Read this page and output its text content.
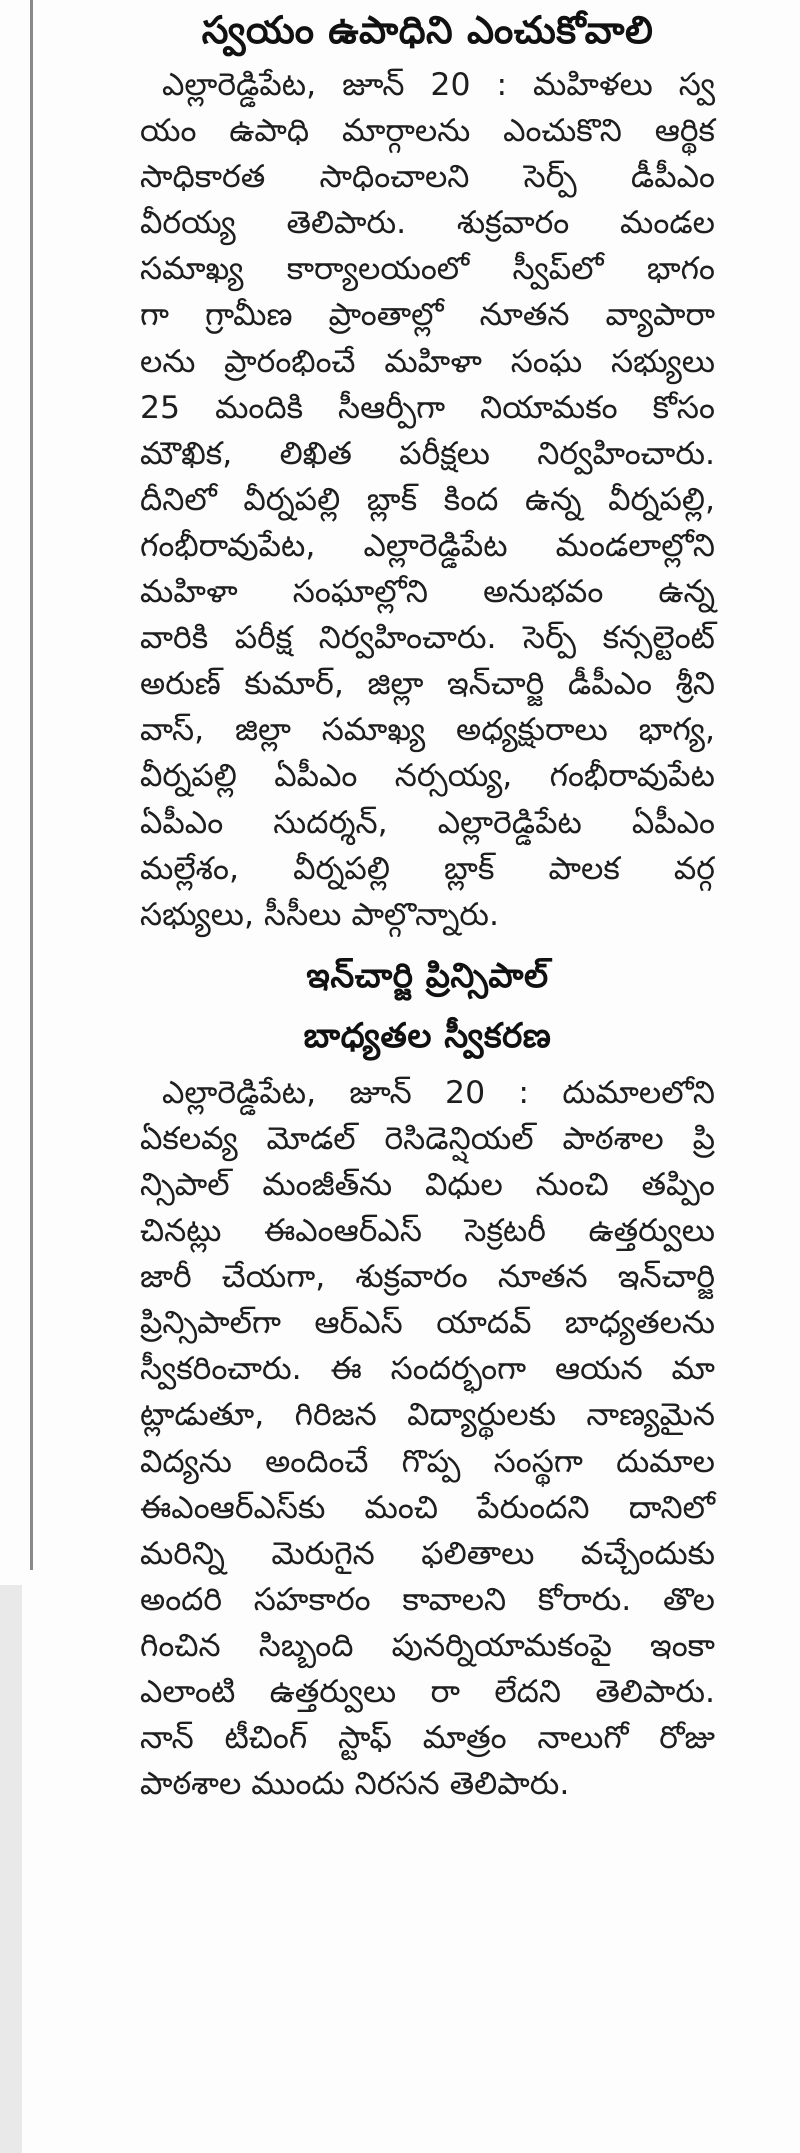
స్వయం ఉపాధిని ఎంచుకోవాలి
ఎల్లారెడ్డిపేట, జూన్ 20 : మహిళలు స్వ
యం ఉపాధి మార్గాలను ఎంచుకొని ఆర్థిక
సాధికారత సాధించాలని సెర్ప్ డీపీఎం
వీరయ్య తెలిపారు. శుక్రవారం మండల
సమాఖ్య కార్యాలయంలో స్వీప్‌లో భాగం
గా గ్రామీణ ప్రాంతాల్లో నూతన వ్యాపారా
లను ప్రారంభించే మహిళా సంఘ సభ్యులు
25 మందికి సీఆర్పీగా నియామకం కోసం
మౌఖిక, లిఖిత పరీక్షలు నిర్వహించారు.
దీనిలో వీర్నపల్లి బ్లాక్ కింద ఉన్న వీర్నపల్లి,
గంభీరావుపేట, ఎల్లారెడ్డిపేట మండలాల్లోని
మహిళా సంఘాల్లోని అనుభవం ఉన్న
వారికి పరీక్ష నిర్వహించారు. సెర్ప్ కన్సల్టెంట్
అరుణ్ కుమార్, జిల్లా ఇన్‌చార్జి డీపీఎం శ్రీని
వాస్, జిల్లా సమాఖ్య అధ్యక్షురాలు భాగ్య,
వీర్నపల్లి ఏపీఎం నర్సయ్య, గంభీరావుపేట
ఏపీఎం సుదర్శన్, ఎల్లారెడ్డిపేట ఏపీఎం
మల్లేశం, వీర్నపల్లి బ్లాక్ పాలక వర్గ
సభ్యులు, సీసీలు పాల్గొన్నారు.
ఇన్‌చార్జి ప్రిన్సిపాల్
బాధ్యతల స్వీకరణ
ఎల్లారెడ్డిపేట, జూన్ 20 : దుమాలలోని
ఏకలవ్య మోడల్ రెసిడెన్షియల్ పాఠశాల ప్రి
న్సిపాల్ మంజీత్‌ను విధుల నుంచి తప్పిం
చినట్లు ఈఎంఆర్ఎస్ సెక్రటరీ ఉత్తర్వులు
జారీ చేయగా, శుక్రవారం నూతన ఇన్‌చార్జి
ప్రిన్సిపాల్‌గా ఆర్ఎస్ యాదవ్ బాధ్యతలను
స్వీకరించారు. ఈ సందర్భంగా ఆయన మా
ట్లాడుతూ, గిరిజన విద్యార్థులకు నాణ్యమైన
విద్యను అందించే గొప్ప సంస్థగా దుమాల
ఈఎంఆర్ఎస్‌కు మంచి పేరుందని దానిలో
మరిన్ని మెరుగైన ఫలితాలు వచ్చేందుకు
అందరి సహకారం కావాలని కోరారు. తొల
గించిన సిబ్బంది పునర్నియామకంపై ఇంకా
ఎలాంటి ఉత్తర్వులు రా లేదని తెలిపారు.
నాన్ టీచింగ్ స్టాఫ్ మాత్రం నాలుగో రోజు
పాఠశాల ముందు నిరసన తెలిపారు.
